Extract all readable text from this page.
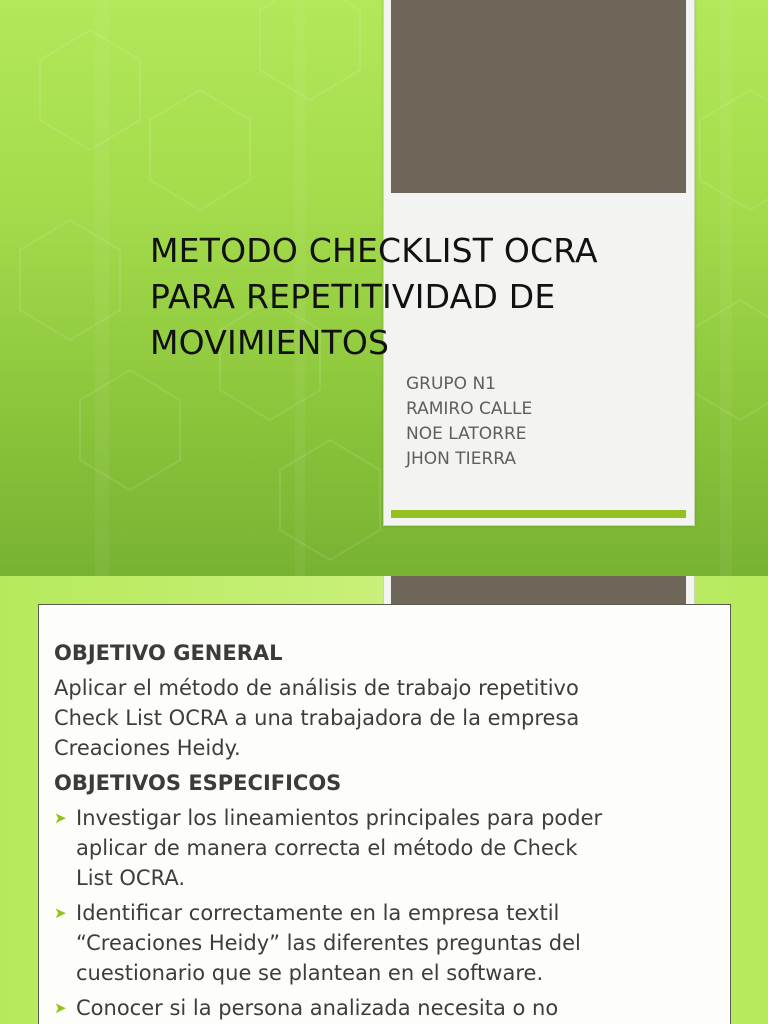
METODO CHECKLIST OCRA
PARA REPETITIVIDAD DE
MOVIMIENTOS
GRUPO N1
RAMIRO CALLE
NOE LATORRE
JHON TIERRA

OBJETIVO GENERAL

Aplicar el método de análisis de trabajo repetitivo
Check List OCRA a una trabajadora de la empresa
Creaciones Heidy.

OBJETIVOS ESPECIFICOS

➤ Investigar los lineamientos principales para poder
aplicar de manera correcta el método de Check
List OCRA.
➤ Identificar correctamente en la empresa textil
“Creaciones Heidy” las diferentes preguntas del
cuestionario que se plantean en el software.
➤ Conocer si la persona analizada necesita o no
